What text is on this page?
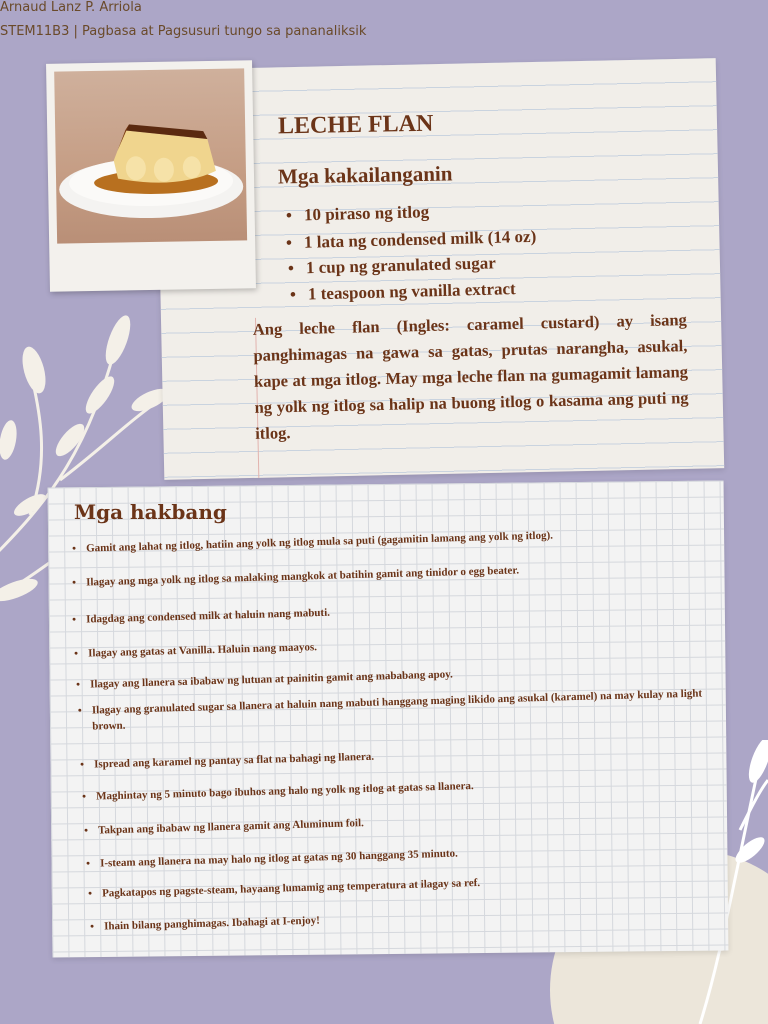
Arnaud Lanz P. Arriola

STEM11B3 | Pagbasa at Pagsusuri tungo sa pananaliksik

LECHE FLAN
Mga kakailanganin
• 10 piraso ng itlog
• 1 lata ng condensed milk (14 oz)
• 1 cup ng granulated sugar
• 1 teaspoon ng vanilla extract

Ang leche flan (Ingles: caramel custard) ay isang panghimagas na gawa sa gatas, prutas narangha, asukal, kape at mga itlog. May mga leche flan na gumagamit lamang ng yolk ng itlog sa halip na buong itlog o kasama ang puti ng itlog.

Mga hakbang
• Gamit ang lahat ng itlog, hatiin ang yolk ng itlog mula sa puti (gagamitin lamang ang yolk ng itlog).
• Ilagay ang mga yolk ng itlog sa malaking mangkok at batihin gamit ang tinidor o egg beater.
• Idagdag ang condensed milk at haluin nang mabuti.
• Ilagay ang gatas at Vanilla. Haluin nang maayos.
• Ilagay ang llanera sa ibabaw ng lutuan at painitin gamit ang mababang apoy.
• Ilagay ang granulated sugar sa llanera at haluin nang mabuti hanggang maging likido ang asukal (karamel) na may kulay na light brown.
• Ispread ang karamel ng pantay sa flat na bahagi ng llanera.
• Maghintay ng 5 minuto bago ibuhos ang halo ng yolk ng itlog at gatas sa llanera.
• Takpan ang ibabaw ng llanera gamit ang Aluminum foil.
• I-steam ang llanera na may halo ng itlog at gatas ng 30 hanggang 35 minuto.
• Pagkatapos ng pagste-steam, hayaang lumamig ang temperatura at ilagay sa ref.
• Ihain bilang panghimagas. Ibahagi at I-enjoy!
